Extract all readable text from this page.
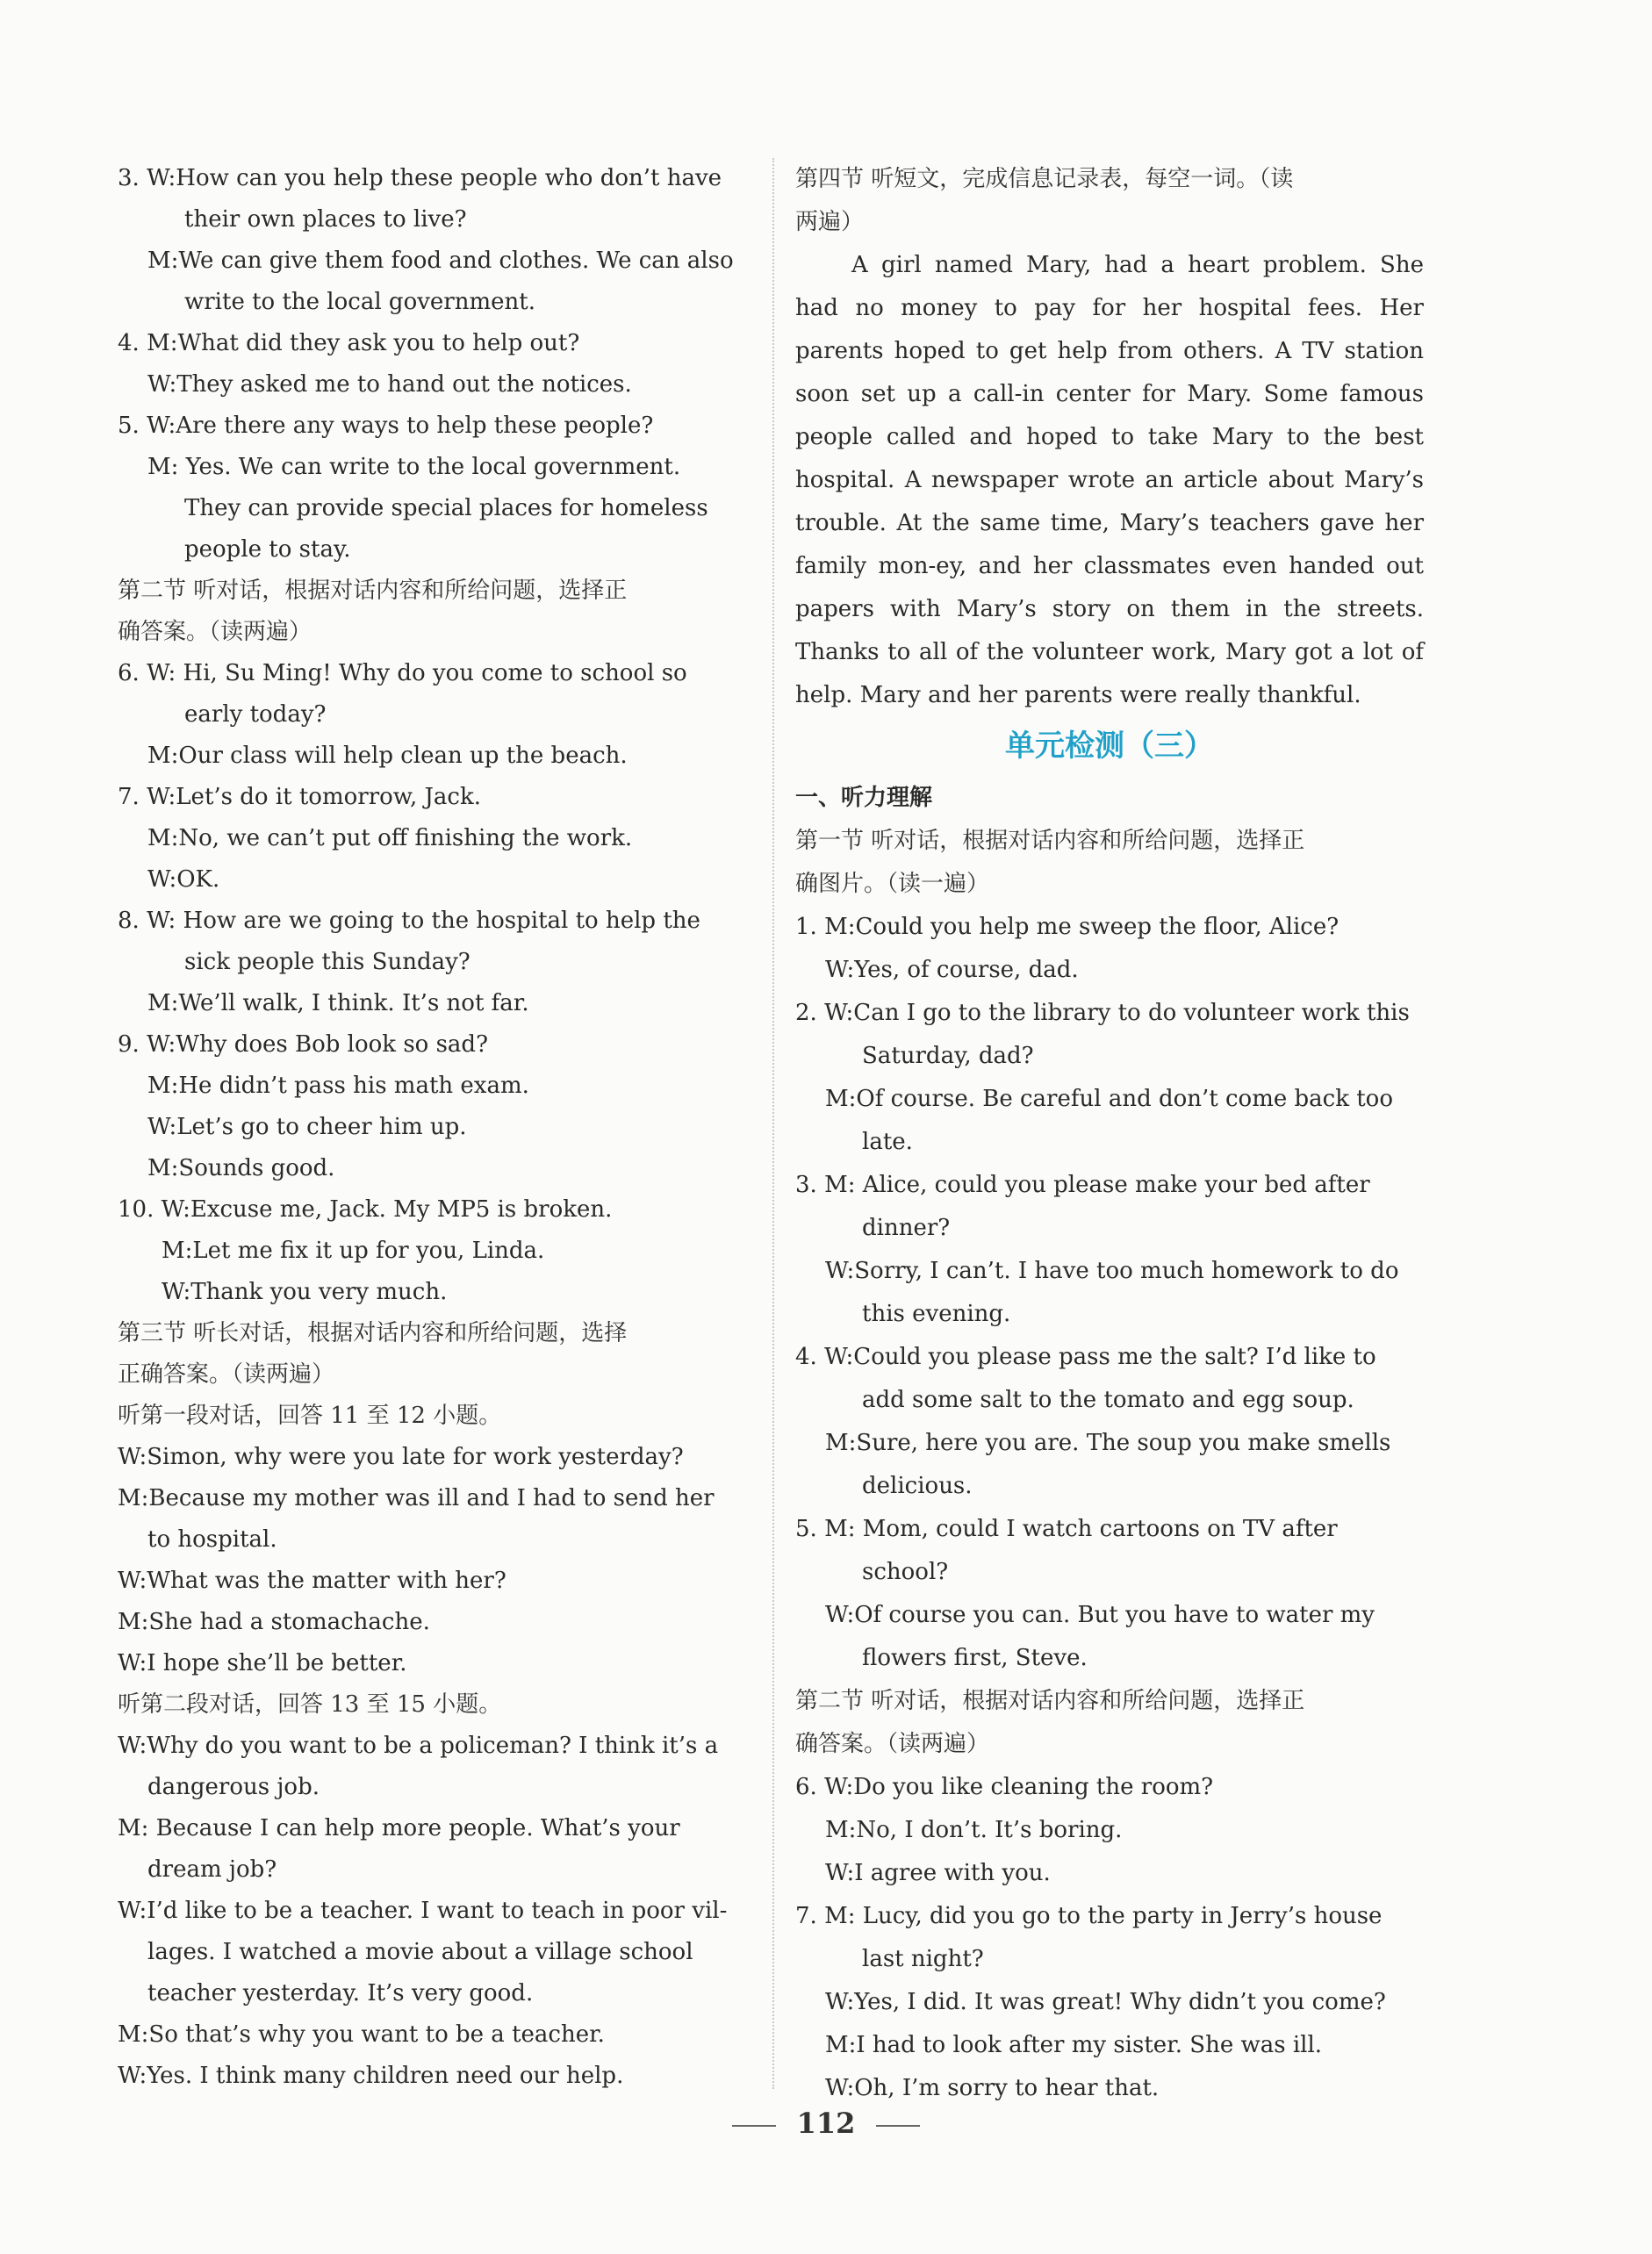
3. W:How can you help these people who don’t have
their own places to live?
M:We can give them food and clothes. We can also
write to the local government.
4. M:What did they ask you to help out?
W:They asked me to hand out the notices.
5. W:Are there any ways to help these people?
M: Yes. We can write to the local government.
They can provide special places for homeless
people to stay.
第二节 听对话，根据对话内容和所给问题，选择正
确答案。（读两遍）
6. W: Hi, Su Ming! Why do you come to school so
early today?
M:Our class will help clean up the beach.
7. W:Let’s do it tomorrow, Jack.
M:No, we can’t put off finishing the work.
W:OK.
8. W: How are we going to the hospital to help the
sick people this Sunday?
M:We’ll walk, I think. It’s not far.
9. W:Why does Bob look so sad?
M:He didn’t pass his math exam.
W:Let’s go to cheer him up.
M:Sounds good.
10. W:Excuse me, Jack. My MP5 is broken.
M:Let me fix it up for you, Linda.
W:Thank you very much.
第三节 听长对话，根据对话内容和所给问题，选择
正确答案。（读两遍）
听第一段对话，回答 11 至 12 小题。
W:Simon, why were you late for work yesterday?
M:Because my mother was ill and I had to send her
to hospital.
W:What was the matter with her?
M:She had a stomachache.
W:I hope she’ll be better.
听第二段对话，回答 13 至 15 小题。
W:Why do you want to be a policeman? I think it’s a
dangerous job.
M: Because I can help more people. What’s your
dream job?
W:I’d like to be a teacher. I want to teach in poor vil-
lages. I watched a movie about a village school
teacher yesterday. It’s very good.
M:So that’s why you want to be a teacher.
W:Yes. I think many children need our help.
第四节 听短文，完成信息记录表，每空一词。（读
两遍）

A girl named Mary, had a heart problem. She had no money to pay for her hospital fees. Her parents hoped to get help from others. A TV station soon set up a call-in center for Mary. Some famous people called and hoped to take Mary to the best hospital. A newspaper wrote an article about Mary’s trouble. At the same time, Mary’s teachers gave her family mon-ey, and her classmates even handed out papers with Mary’s story on them in the streets. Thanks to all of the volunteer work, Mary got a lot of help. Mary and her parents were really thankful.

单元检测（三）
一、听力理解
第一节 听对话，根据对话内容和所给问题，选择正
确图片。（读一遍）
1. M:Could you help me sweep the floor, Alice?
W:Yes, of course, dad.
2. W:Can I go to the library to do volunteer work this
Saturday, dad?
M:Of course. Be careful and don’t come back too
late.
3. M: Alice, could you please make your bed after
dinner?
W:Sorry, I can’t. I have too much homework to do
this evening.
4. W:Could you please pass me the salt? I’d like to
add some salt to the tomato and egg soup.
M:Sure, here you are. The soup you make smells
delicious.
5. M: Mom, could I watch cartoons on TV after
school?
W:Of course you can. But you have to water my
flowers first, Steve.
第二节 听对话，根据对话内容和所给问题，选择正
确答案。（读两遍）
6. W:Do you like cleaning the room?
M:No, I don’t. It’s boring.
W:I agree with you.
7. M: Lucy, did you go to the party in Jerry’s house
last night?
W:Yes, I did. It was great! Why didn’t you come?
M:I had to look after my sister. She was ill.
W:Oh, I’m sorry to hear that.
112
